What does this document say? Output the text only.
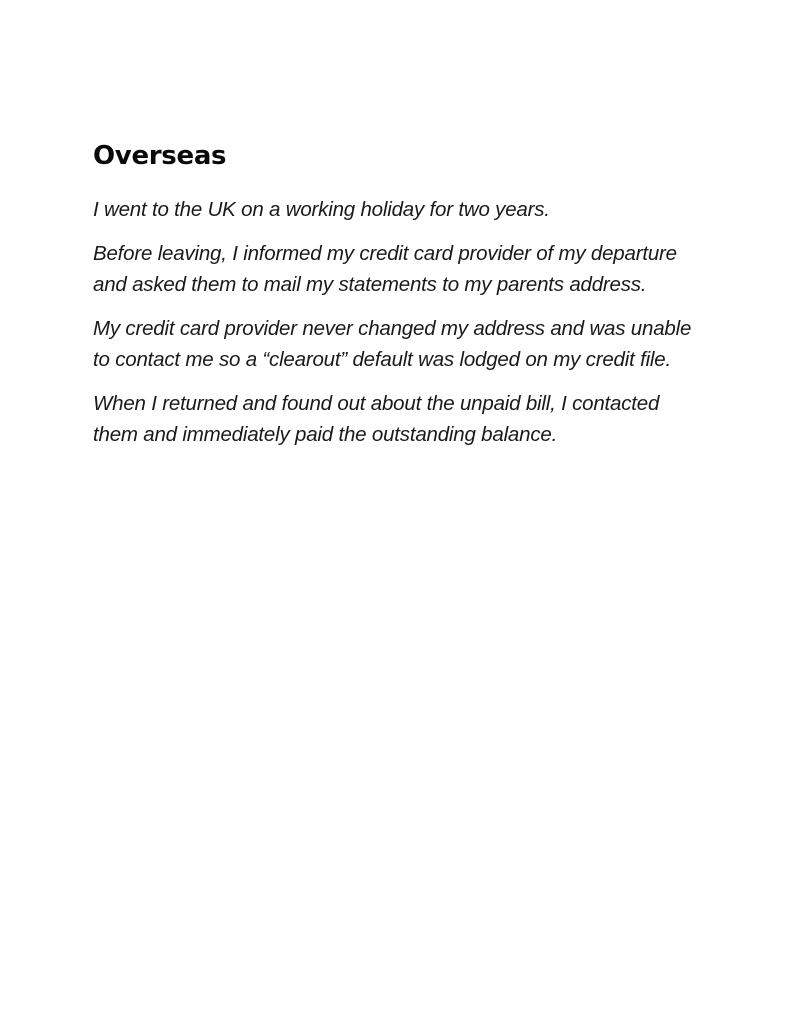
Overseas

I went to the UK on a working holiday for two years.

Before leaving, I informed my credit card provider of my departure
and asked them to mail my statements to my parents address.

My credit card provider never changed my address and was unable
to contact me so a “clearout” default was lodged on my credit file.

When I returned and found out about the unpaid bill, I contacted
them and immediately paid the outstanding balance.
